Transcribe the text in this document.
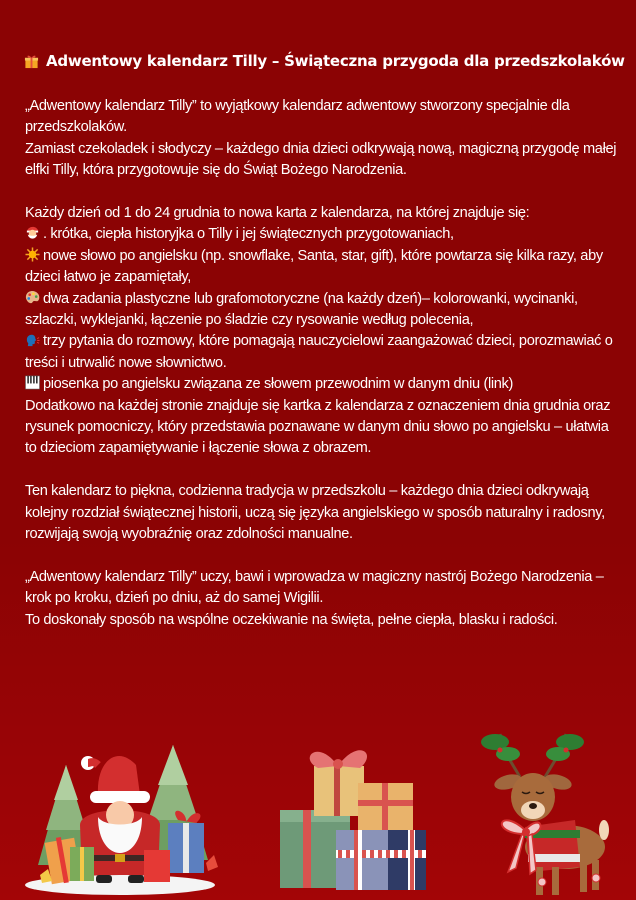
Adwentowy kalendarz Tilly – Świąteczna przygoda dla przedszkolaków

„Adwentowy kalendarz Tilly” to wyjątkowy kalendarz adwentowy stworzony specjalnie dla przedszkolaków.

Zamiast czekoladek i słodyczy – każdego dnia dzieci odkrywają nową, magiczną przygodę małej elfki Tilly, która przygotowuje się do Świąt Bożego Narodzenia.

Każdy dzień od 1 do 24 grudnia to nowa karta z kalendarza, na której znajduje się:

. krótka, ciepła historyjka o Tilly i jej świątecznych przygotowaniach,

nowe słowo po angielsku (np. snowflake, Santa, star, gift), które powtarza się kilka razy, aby dzieci łatwo je zapamiętały,

dwa zadania plastyczne lub grafomotoryczne (na każdy dzeń)– kolorowanki, wycinanki, szlaczki, wyklejanki, łączenie po śladzie czy rysowanie według polecenia,

trzy pytania do rozmowy, które pomagają nauczycielowi zaangażować dzieci, porozmawiać o treści i utrwalić nowe słownictwo.

piosenka po angielsku związana ze słowem przewodnim w danym dniu (link)

Dodatkowo na każdej stronie znajduje się kartka z kalendarza z oznaczeniem dnia grudnia oraz rysunek pomocniczy, który przedstawia poznawane w danym dniu słowo po angielsku – ułatwia to dzieciom zapamiętywanie i łączenie słowa z obrazem.

Ten kalendarz to piękna, codzienna tradycja w przedszkolu – każdego dnia dzieci odkrywają kolejny rozdział świątecznej historii, uczą się języka angielskiego w sposób naturalny i radosny, rozwijają swoją wyobraźnię oraz zdolności manualne.

„Adwentowy kalendarz Tilly” uczy, bawi i wprowadza w magiczny nastrój Bożego Narodzenia – krok po kroku, dzień po dniu, aż do samej Wigilii.

To doskonały sposób na wspólne oczekiwanie na święta, pełne ciepła, blasku i radości.
